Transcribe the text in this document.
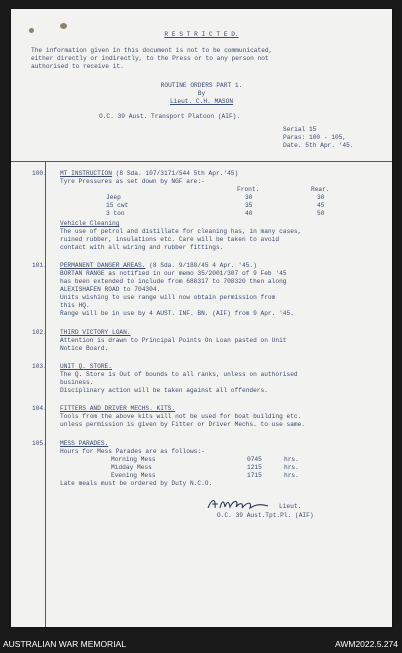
R E S T R I C T E D.
The information given in this document is not to be communicated,
either directly or indirectly, to the Press or to any person not
authorised to receive it.
ROUTINE ORDERS PART 1.
By
Lieut. C.H. MASON
O.C. 39 Aust. Transport Platoon (AIF).
Serial 15
Paras: 100 - 105,
Date. 5th Apr. '45.
100. MT INSTRUCTION (8 Sda. 107/3171/544 5th Apr.'45)
Tyre Pressures as set down by NGF are:-
Front.	Rear.
Jeep	30	30
15 cwt	35	45
3 ton	40	50
Vehicle Cleaning
The use of petrol and distillate for cleaning has, in many cases,
ruined rubber, insulations etc. Care will be taken to avoid
contact with all wiring and rubber fittings.
101. PERMANENT DANGER AREAS. (8 Sda. 9/180/45 4 Apr. '45.)
BORTAN RANGE as notified in our memo 35/2001/307 of 9 Feb '45
has been extended to include from 688317 to 708320 then along
ALEXISHAFEN ROAD to 704304.
Units wishing to use range will now obtain permission from
this HQ.
Range will be in use by 4 AUST. INF. BN. (AIF) from 9 Apr. '45.
102. THIRD VICTORY LOAN.
Attention is drawn to Principal Points On Loan pasted on Unit
Notice Board.
103. UNIT Q. STORE.
The Q. Store is Out of bounds to all ranks, unless on authorised
business.
Disciplinary action will be taken against all offenders.
104. FITTERS AND DRIVER MECHS. KITS.
Tools from the above kits will not be used for boat building etc.
unless permission is given by Fitter or Driver Mechs. to use same.
105. MESS PARADES.
Hours for Mess Parades are as follows:-
Morning Mess	0745	hrs.
Midday Mess	1215	hrs.
Evening Mess	1715	hrs.
Late meals must be ordered by Duty N.C.O.
Lieut.
O.C. 39 Aust.Tpt.Pl. (AIF)
AUSTRALIAN WAR MEMORIAL	AWM2022.5.274
